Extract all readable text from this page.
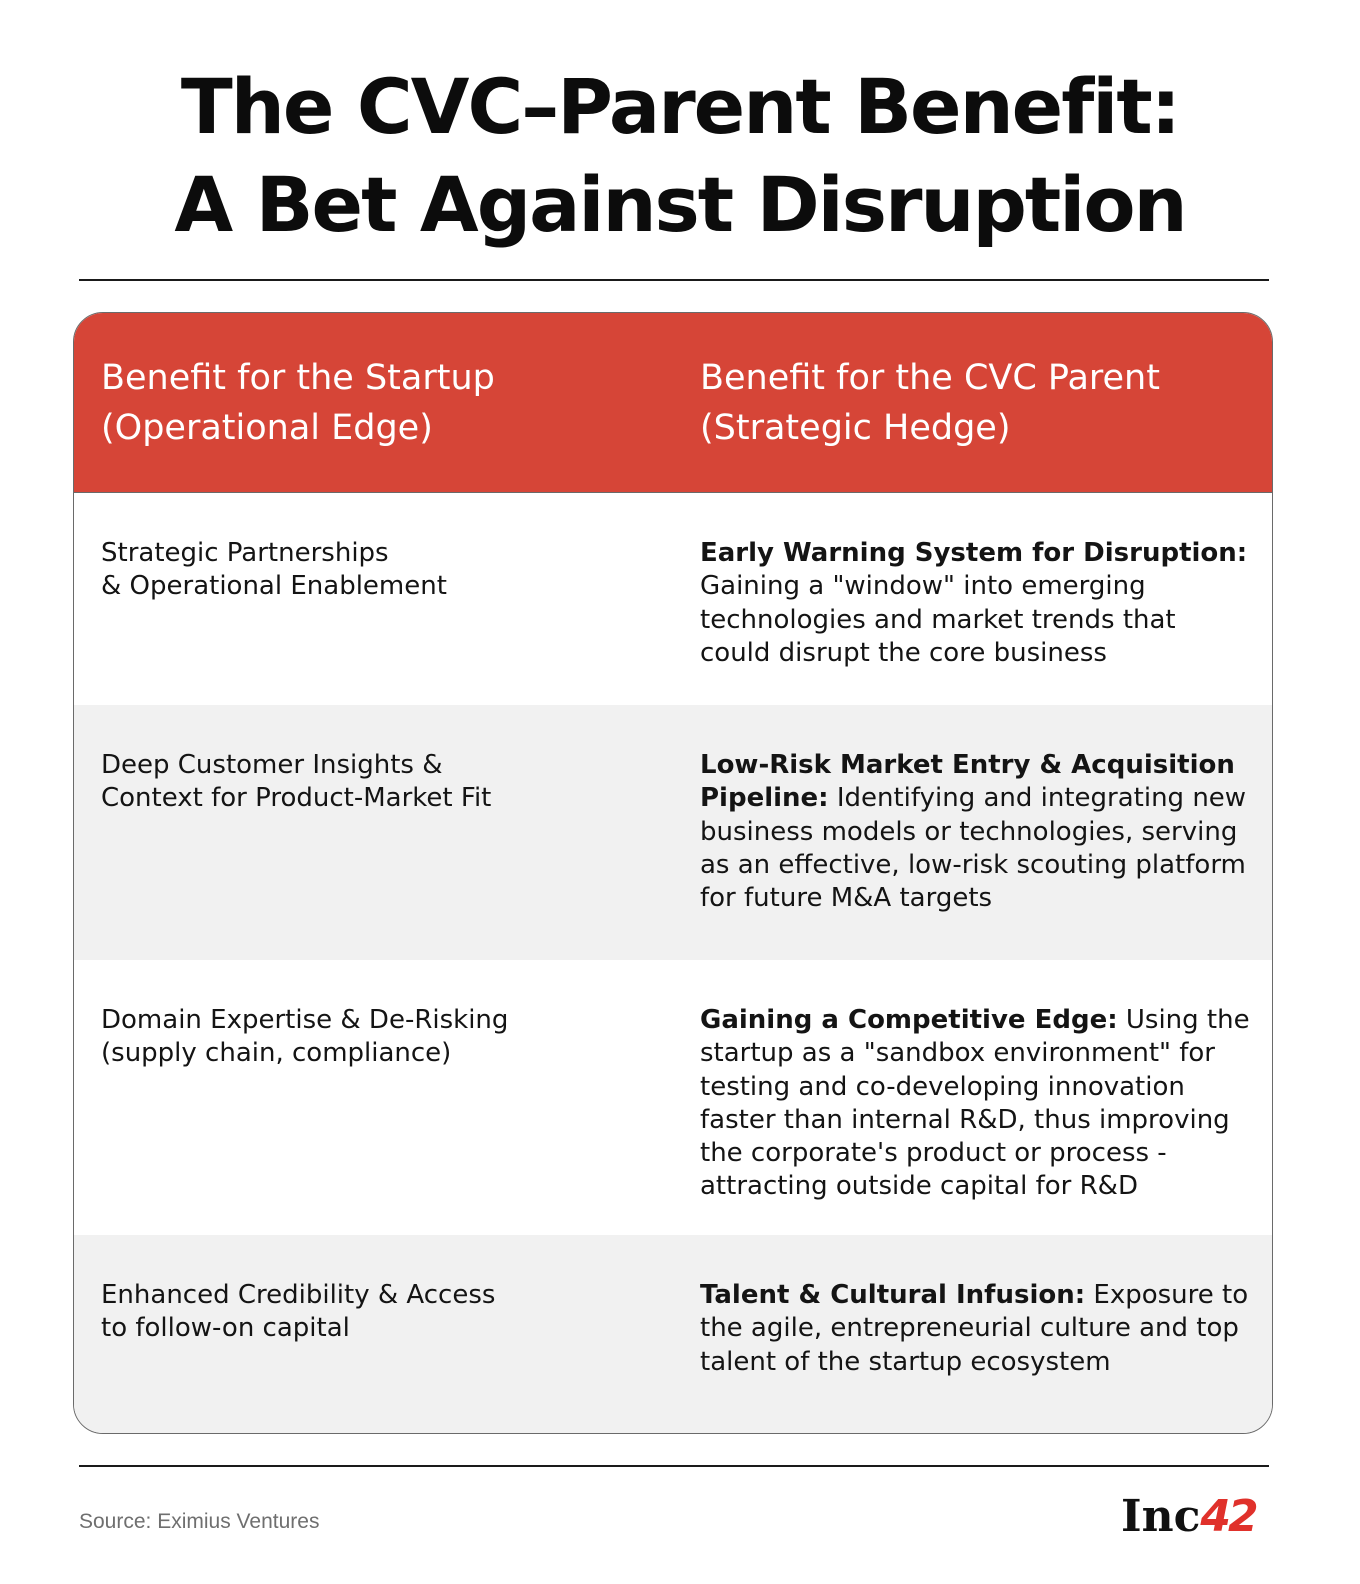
The CVC–Parent Benefit:
A Bet Against Disruption
Benefit for the Startup
(Operational Edge)
Benefit for the CVC Parent
(Strategic Hedge)
Strategic Partnerships
& Operational Enablement
Early Warning System for Disruption:
Gaining a "window" into emerging
technologies and market trends that
could disrupt the core business
Deep Customer Insights &
Context for Product-Market Fit
Low-Risk Market Entry & Acquisition
Pipeline: Identifying and integrating new
business models or technologies, serving
as an effective, low-risk scouting platform
for future M&A targets
Domain Expertise & De-Risking
(supply chain, compliance)
Gaining a Competitive Edge: Using the
startup as a "sandbox environment" for
testing and co-developing innovation
faster than internal R&D, thus improving
the corporate's product or process -
attracting outside capital for R&D
Enhanced Credibility & Access
to follow-on capital
Talent & Cultural Infusion: Exposure to
the agile, entrepreneurial culture and top
talent of the startup ecosystem
Source: Eximius Ventures	Inc42
